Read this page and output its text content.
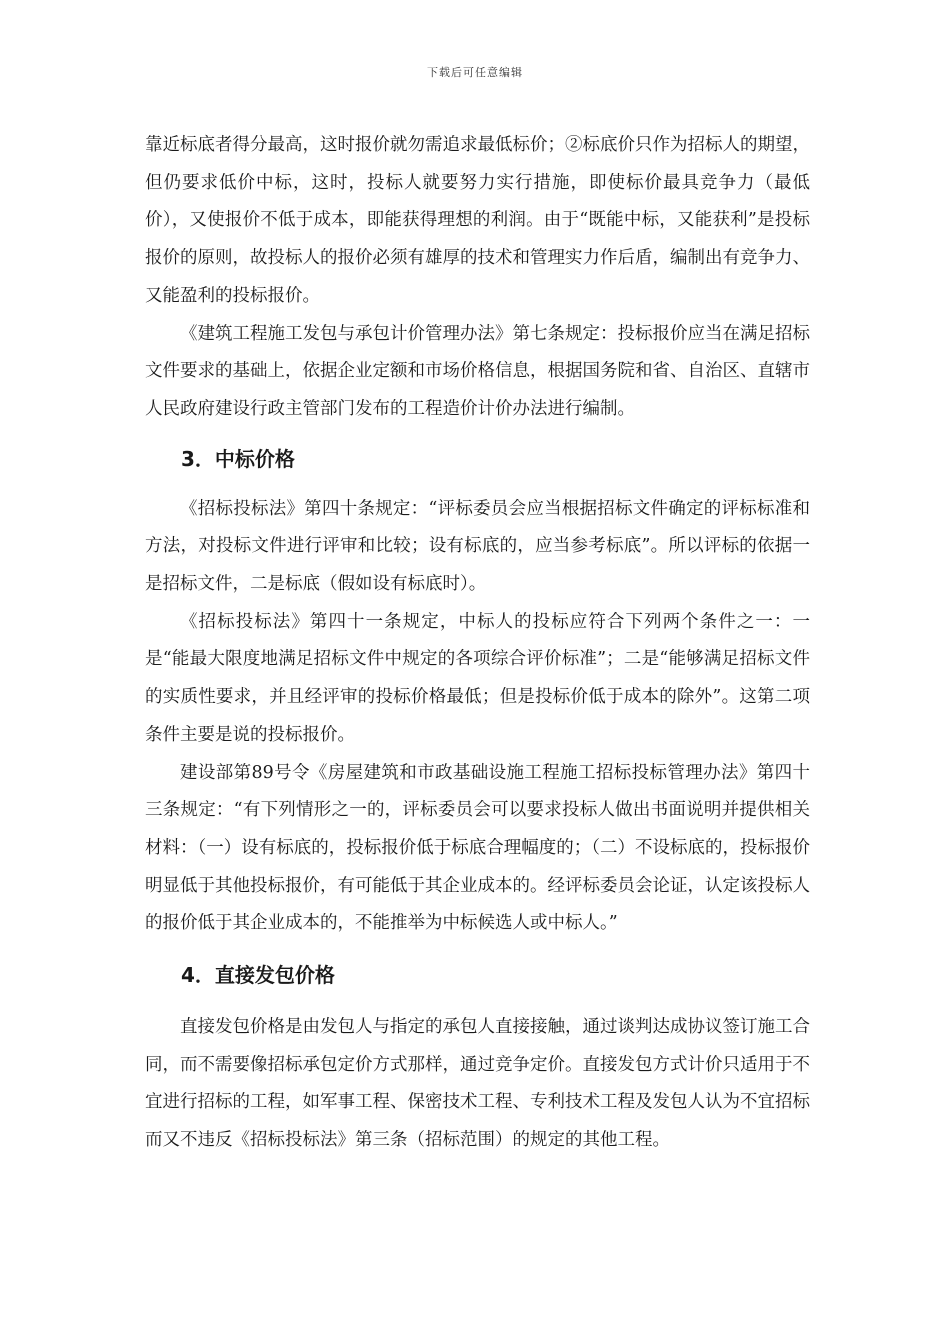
下载后可任意编辑

靠近标底者得分最高，这时报价就勿需追求最低标价；②标底价只作为招标人的期望，但仍要求低价中标，这时，投标人就要努力实行措施，即使标价最具竞争力（最低价），又使报价不低于成本，即能获得理想的利润。由于“既能中标，又能获利”是投标报价的原则，故投标人的报价必须有雄厚的技术和管理实力作后盾，编制出有竞争力、又能盈利的投标报价。

《建筑工程施工发包与承包计价管理办法》第七条规定：投标报价应当在满足招标文件要求的基础上，依据企业定额和市场价格信息，根据国务院和省、自治区、直辖市人民政府建设行政主管部门发布的工程造价计价办法进行编制。

3．中标价格

《招标投标法》第四十条规定：“评标委员会应当根据招标文件确定的评标标准和方法，对投标文件进行评审和比较；设有标底的，应当参考标底”。所以评标的依据一是招标文件，二是标底（假如设有标底时）。

《招标投标法》第四十一条规定，中标人的投标应符合下列两个条件之一：一是“能最大限度地满足招标文件中规定的各项综合评价标准”；二是“能够满足招标文件的实质性要求，并且经评审的投标价格最低；但是投标价低于成本的除外”。这第二项条件主要是说的投标报价。

建设部第89号令《房屋建筑和市政基础设施工程施工招标投标管理办法》第四十三条规定：“有下列情形之一的，评标委员会可以要求投标人做出书面说明并提供相关材料：（一）设有标底的，投标报价低于标底合理幅度的；（二）不设标底的，投标报价明显低于其他投标报价，有可能低于其企业成本的。经评标委员会论证，认定该投标人的报价低于其企业成本的，不能推举为中标候选人或中标人。”

4．直接发包价格

直接发包价格是由发包人与指定的承包人直接接触，通过谈判达成协议签订施工合同，而不需要像招标承包定价方式那样，通过竞争定价。直接发包方式计价只适用于不宜进行招标的工程，如军事工程、保密技术工程、专利技术工程及发包人认为不宜招标而又不违反《招标投标法》第三条（招标范围）的规定的其他工程。
